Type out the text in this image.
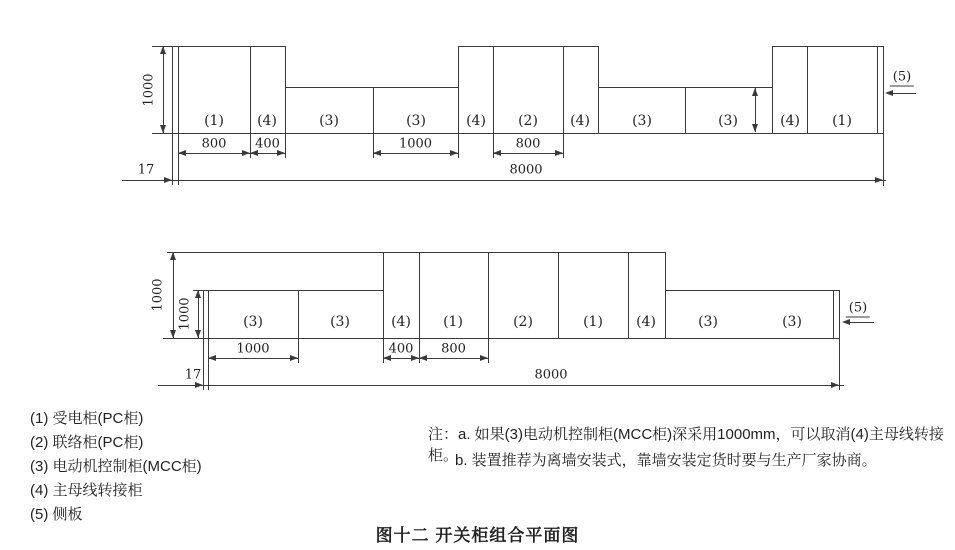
(1) (4)	(3)	(3)	(4) (2) (4)	(3)	(3)	(4) (1)
800 400	1000	800
1000
17	8000
(5)
(3)	(3)	(4) (1)	(2)	(1) (4)	(3)	(3)
1000	400 800
1000
1000
17	8000
(5)
(1) 受电柜(PC柜)
(2) 联络柜(PC柜)
(3) 电动机控制柜(MCC柜)
(4) 主母线转接柜
(5) 侧板
注：a. 如果(3)电动机控制柜(MCC柜)深采用1000mm，可以取消(4)主母线转接柜。
b. 装置推荐为离墙安装式，靠墙安装定货时要与生产厂家协商。
图十二 开关柜组合平面图
